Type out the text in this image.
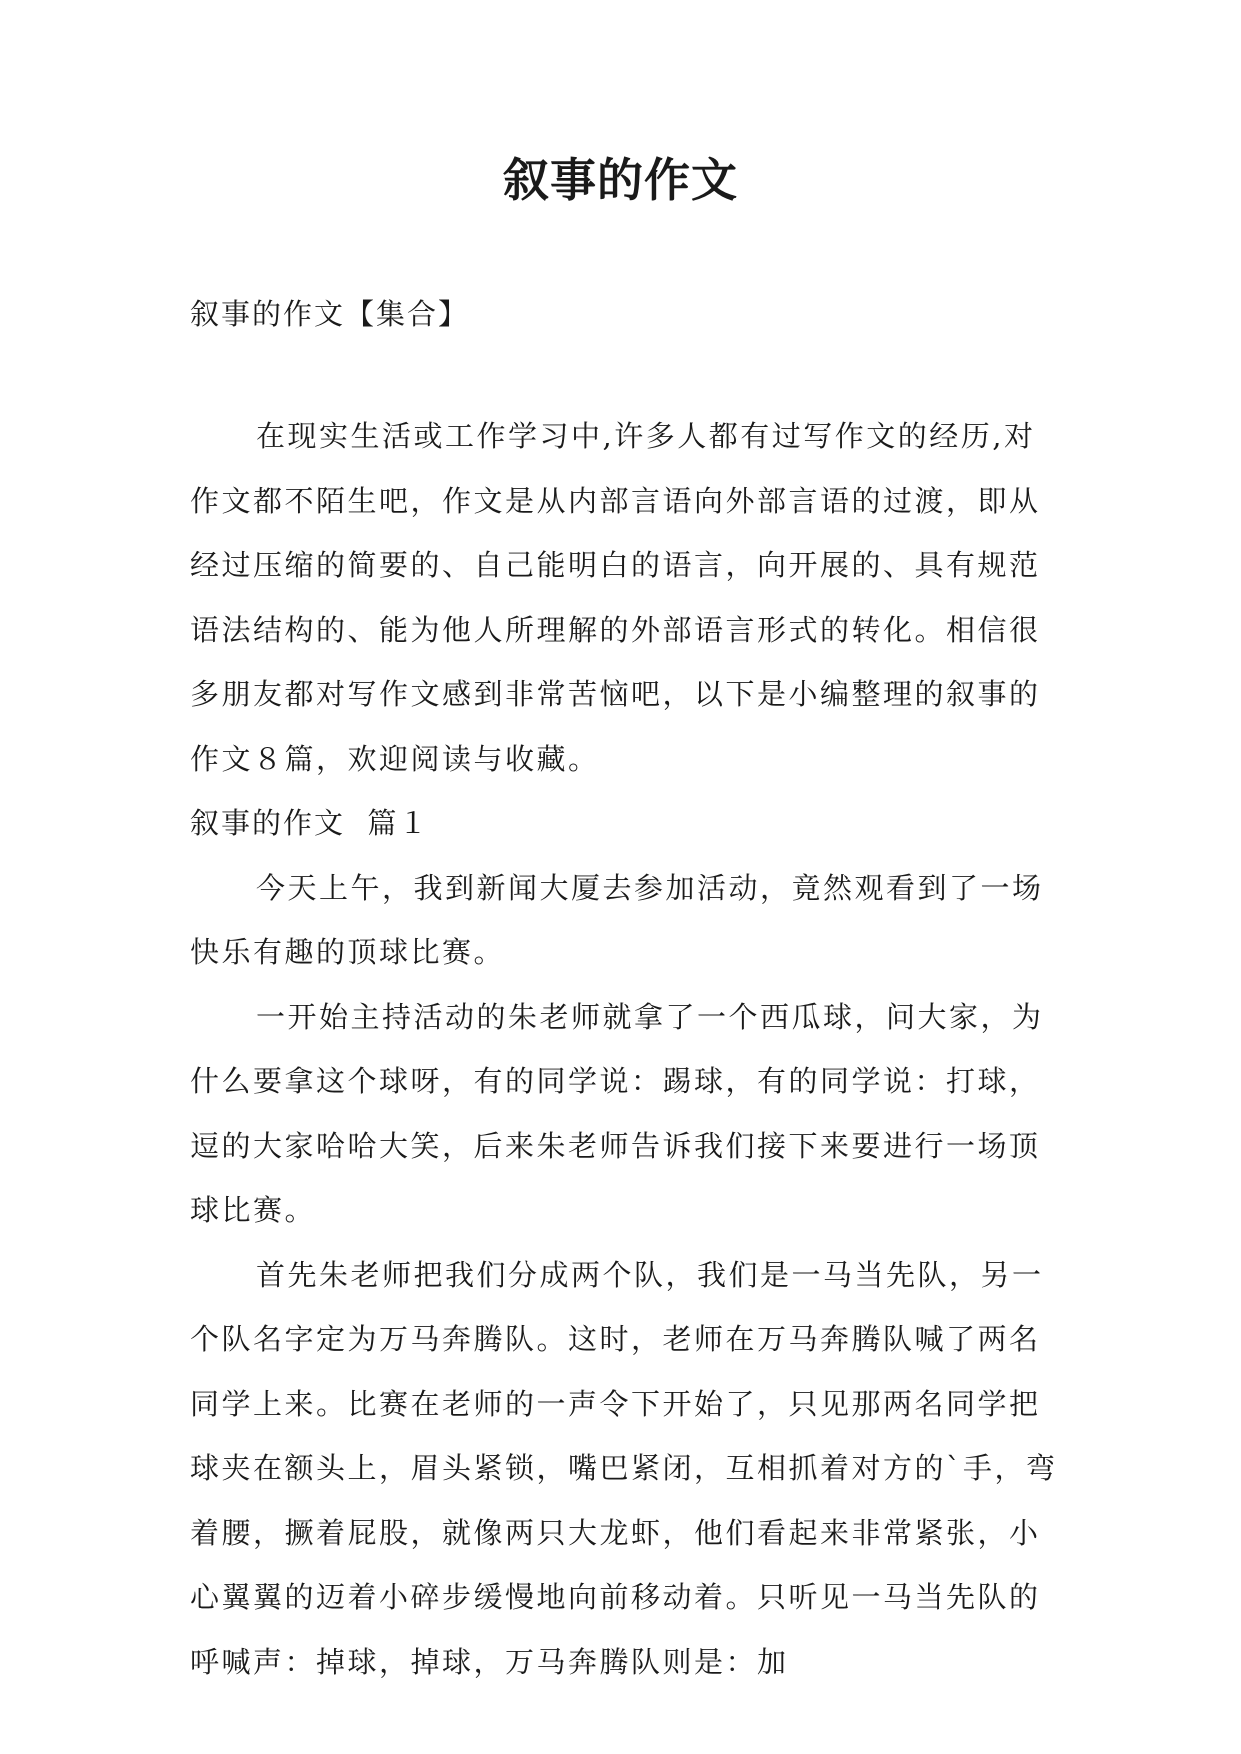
叙事的作文

叙事的作文【集合】

在现实生活或工作学习中,许多人都有过写作文的经历,对作文都不陌生吧，作文是从内部言语向外部言语的过渡，即从经过压缩的简要的、自己能明白的语言，向开展的、具有规范语法结构的、能为他人所理解的外部语言形式的转化。相信很多朋友都对写作文感到非常苦恼吧，以下是小编整理的叙事的作文８篇，欢迎阅读与收藏。

叙事的作文  篇１

今天上午，我到新闻大厦去参加活动，竟然观看到了一场快乐有趣的顶球比赛。

一开始主持活动的朱老师就拿了一个西瓜球，问大家，为什么要拿这个球呀，有的同学说：踢球，有的同学说：打球，逗的大家哈哈大笑，后来朱老师告诉我们接下来要进行一场顶球比赛。

首先朱老师把我们分成两个队，我们是一马当先队，另一个队名字定为万马奔腾队。这时，老师在万马奔腾队喊了两名同学上来。比赛在老师的一声令下开始了，只见那两名同学把球夹在额头上，眉头紧锁，嘴巴紧闭，互相抓着对方的`手，弯着腰，撅着屁股，就像两只大龙虾，他们看起来非常紧张，小心翼翼的迈着小碎步缓慢地向前移动着。只听见一马当先队的呼喊声：掉球，掉球，万马奔腾队则是：加
